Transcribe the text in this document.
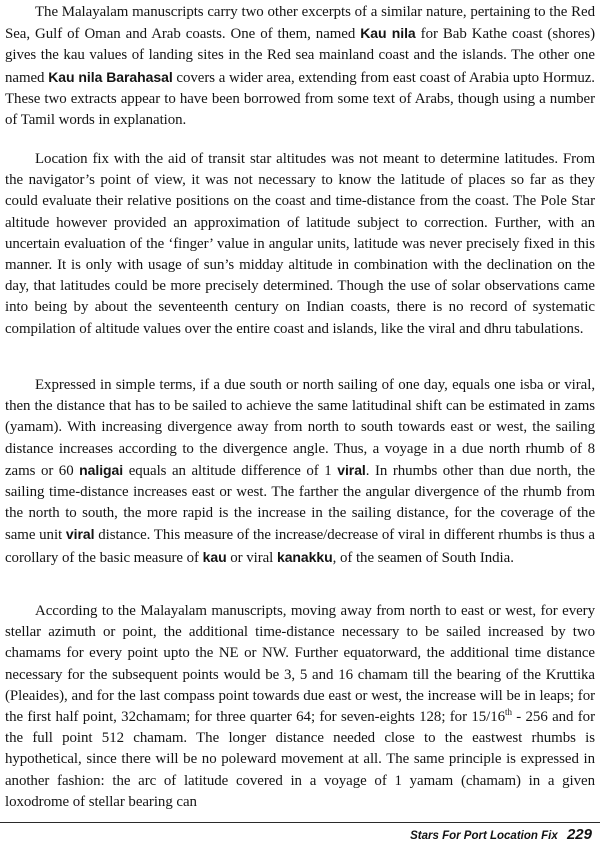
The Malayalam manuscripts carry two other excerpts of a similar nature, pertaining to the Red Sea, Gulf of Oman and Arab coasts. One of them, named Kau nila for Bab Kathe coast (shores) gives the kau values of landing sites in the Red sea mainland coast and the islands. The other one named Kau nila Barahasal covers a wider area, extending from east coast of Arabia upto Hormuz. These two extracts appear to have been borrowed from some text of Arabs, though using a number of Tamil words in explanation.

Location fix with the aid of transit star altitudes was not meant to determine latitudes. From the navigator’s point of view, it was not necessary to know the latitude of places so far as they could evaluate their relative positions on the coast and time-distance from the coast. The Pole Star altitude however provided an approximation of latitude subject to correction. Further, with an uncertain evaluation of the ‘finger’ value in angular units, latitude was never precisely fixed in this manner. It is only with usage of sun’s midday altitude in combination with the declination on the day, that latitudes could be more precisely determined. Though the use of solar observations came into being by about the seventeenth century on Indian coasts, there is no record of systematic compilation of altitude values over the entire coast and islands, like the viral and dhru tabulations.

Expressed in simple terms, if a due south or north sailing of one day, equals one isba or viral, then the distance that has to be sailed to achieve the same latitudinal shift can be estimated in zams (yamam). With increasing divergence away from north to south towards east or west, the sailing distance increases according to the divergence angle. Thus, a voyage in a due north rhumb of 8 zams or 60 naligai equals an altitude difference of 1 viral. In rhumbs other than due north, the sailing time-distance increases east or west. The farther the angular divergence of the rhumb from the north to south, the more rapid is the increase in the sailing distance, for the coverage of the same unit viral distance. This measure of the increase/decrease of viral in different rhumbs is thus a corollary of the basic measure of kau or viral kanakku, of the seamen of South India.

According to the Malayalam manuscripts, moving away from north to east or west, for every stellar azimuth or point, the additional time-distance necessary to be sailed increased by two chamams for every point upto the NE or NW. Further equatorward, the additional time distance necessary for the subsequent points would be 3, 5 and 16 chamam till the bearing of the Kruttika (Pleaides), and for the last compass point towards due east or west, the increase will be in leaps; for the first half point, 32chamam; for three quarter 64; for seven-eights 128; for 15/16th - 256 and for the full point 512 chamam. The longer distance needed close to the eastwest rhumbs is hypothetical, since there will be no poleward movement at all. The same principle is expressed in another fashion: the arc of latitude covered in a voyage of 1 yamam (chamam) in a given loxodrome of stellar bearing can

Stars For Port Location Fix 229
